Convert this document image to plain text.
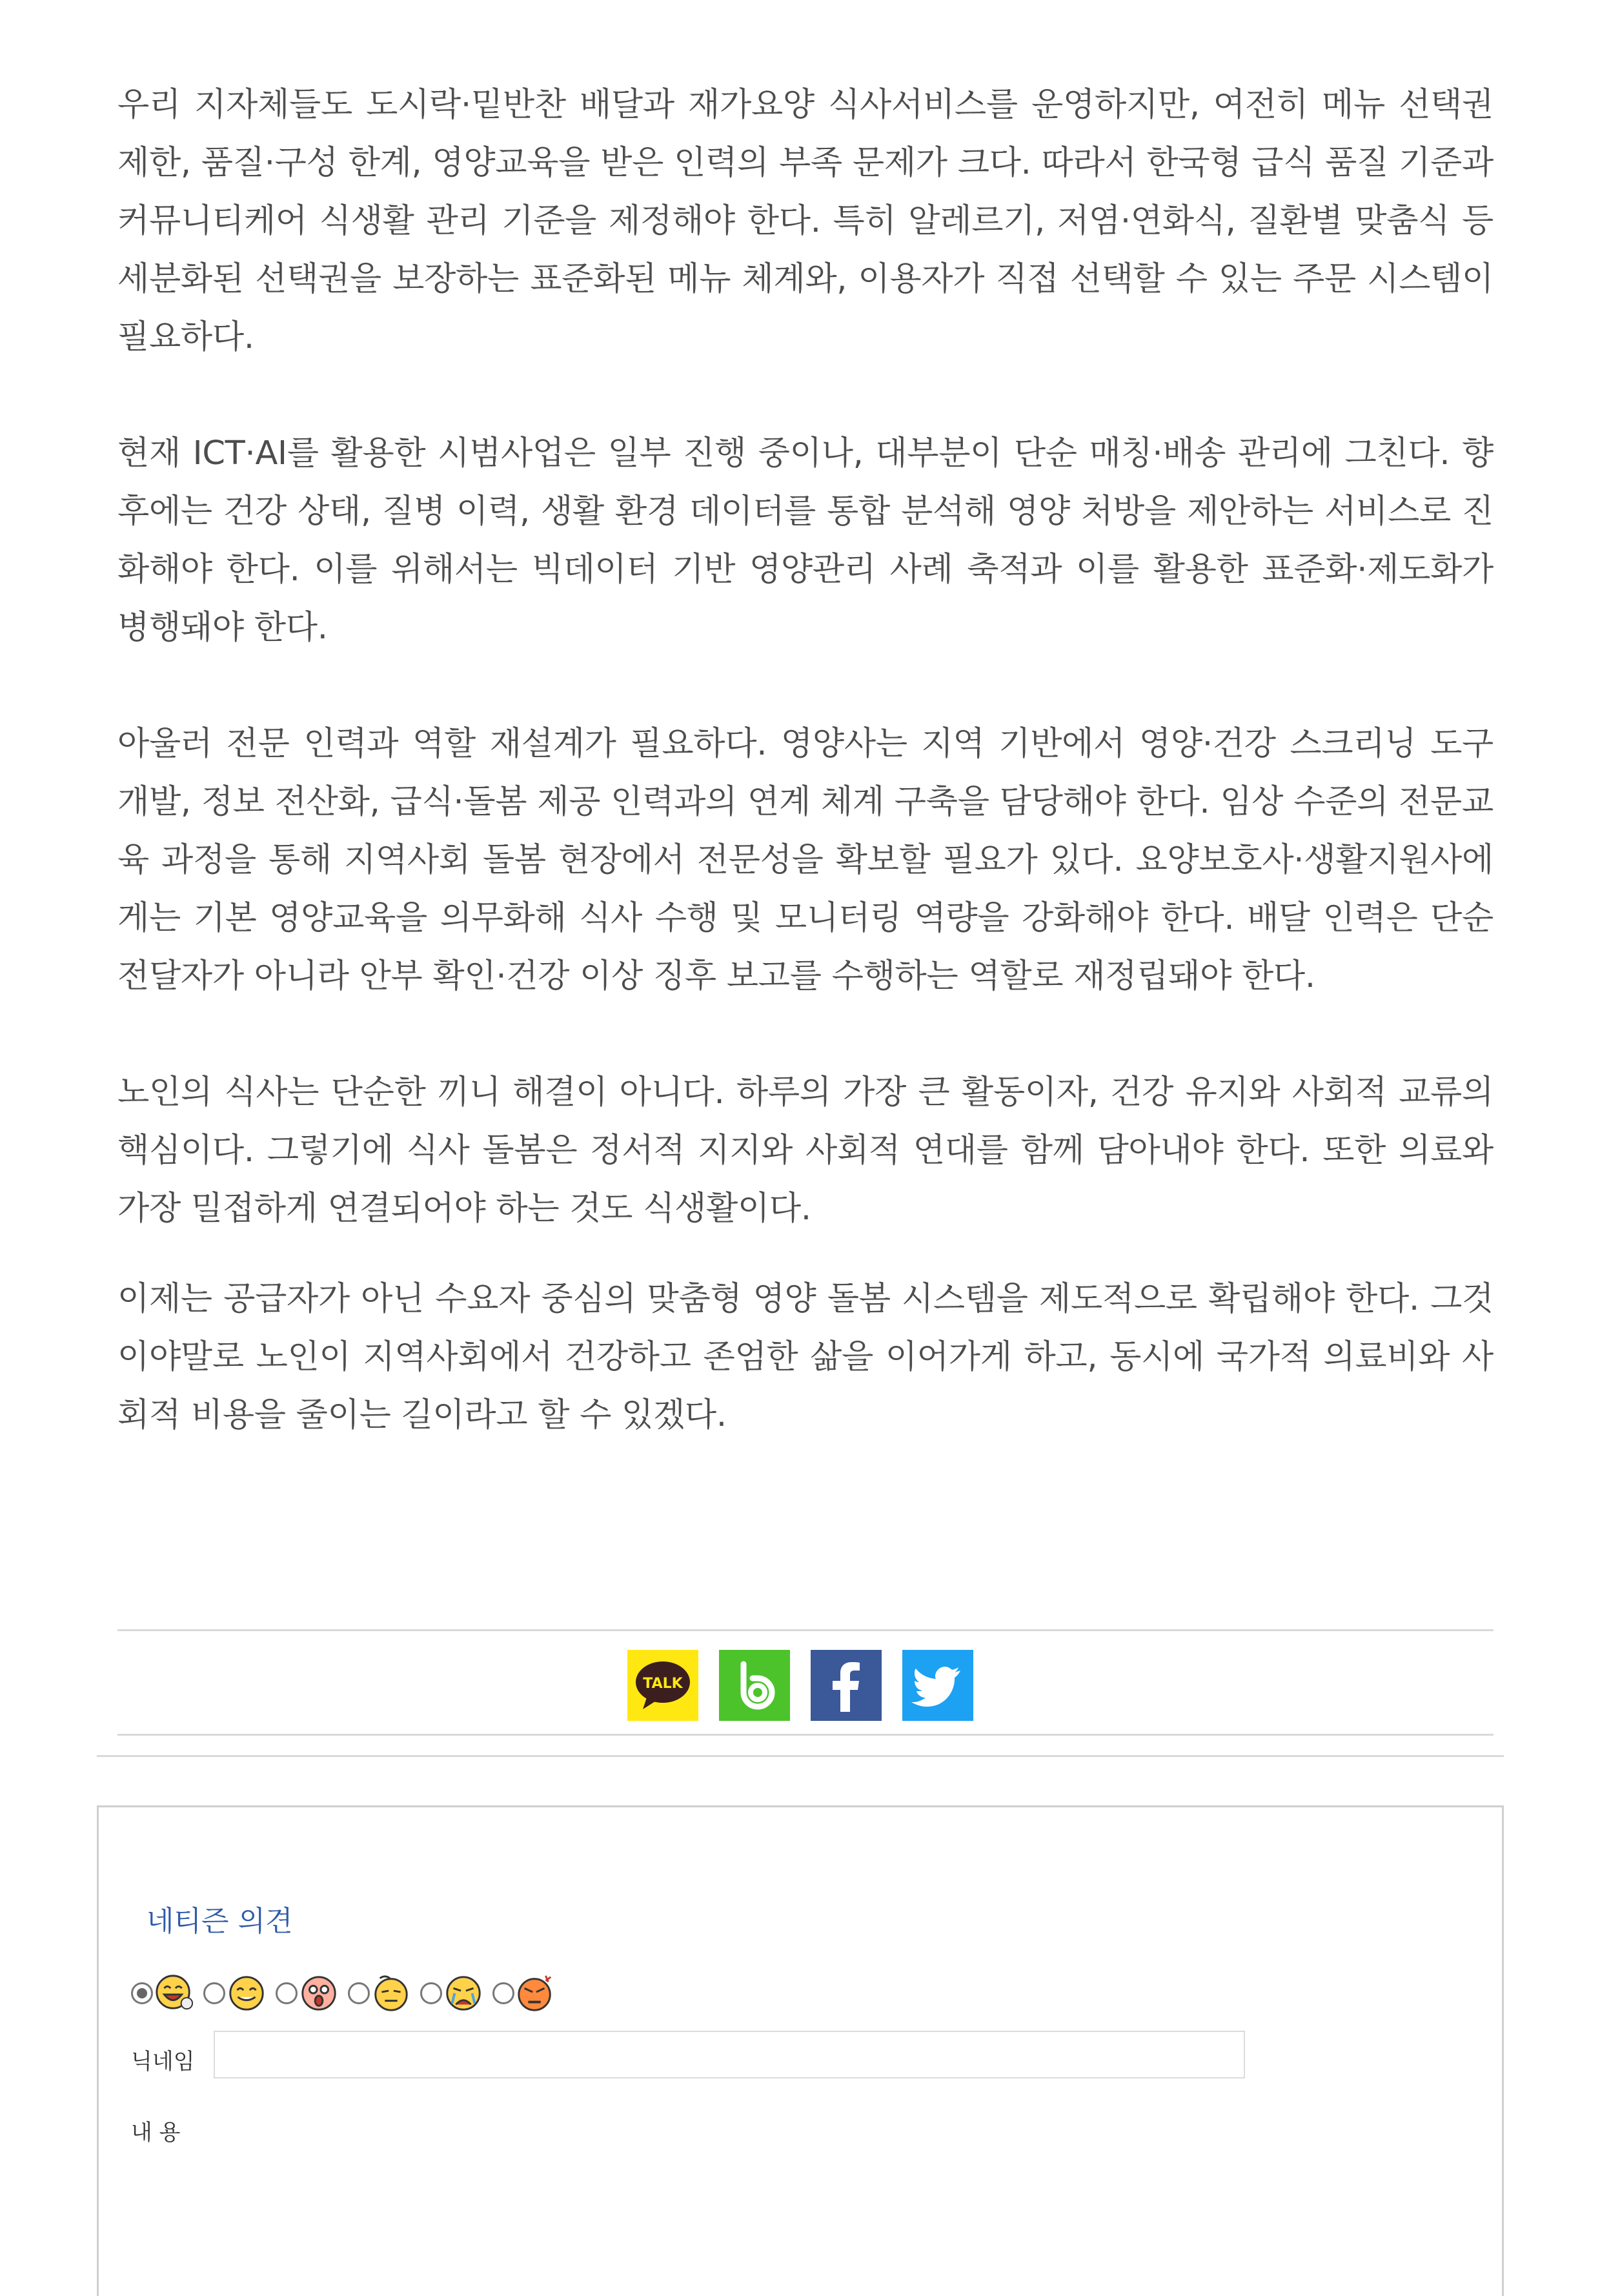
우리 지자체들도 도시락·밑반찬 배달과 재가요양 식사서비스를 운영하지만, 여전히 메뉴 선택권 제한, 품질·구성 한계, 영양교육을 받은 인력의 부족 문제가 크다. 따라서 한국형 급식 품질 기준과 커뮤니티케어 식생활 관리 기준을 제정해야 한다. 특히 알레르기, 저염·연화식, 질환별 맞춤식 등 세분화된 선택권을 보장하는 표준화된 메뉴 체계와, 이용자가 직접 선택할 수 있는 주문 시스템이 필요하다.

현재 ICT·AI를 활용한 시범사업은 일부 진행 중이나, 대부분이 단순 매칭·배송 관리에 그친다. 향후에는 건강 상태, 질병 이력, 생활 환경 데이터를 통합 분석해 영양 처방을 제안하는 서비스로 진화해야 한다. 이를 위해서는 빅데이터 기반 영양관리 사례 축적과 이를 활용한 표준화·제도화가 병행돼야 한다.

아울러 전문 인력과 역할 재설계가 필요하다. 영양사는 지역 기반에서 영양·건강 스크리닝 도구 개발, 정보 전산화, 급식·돌봄 제공 인력과의 연계 체계 구축을 담당해야 한다. 임상 수준의 전문교육 과정을 통해 지역사회 돌봄 현장에서 전문성을 확보할 필요가 있다. 요양보호사·생활지원사에게는 기본 영양교육을 의무화해 식사 수행 및 모니터링 역량을 강화해야 한다. 배달 인력은 단순 전달자가 아니라 안부 확인·건강 이상 징후 보고를 수행하는 역할로 재정립돼야 한다.

노인의 식사는 단순한 끼니 해결이 아니다. 하루의 가장 큰 활동이자, 건강 유지와 사회적 교류의 핵심이다. 그렇기에 식사 돌봄은 정서적 지지와 사회적 연대를 함께 담아내야 한다. 또한 의료와 가장 밀접하게 연결되어야 하는 것도 식생활이다.

이제는 공급자가 아닌 수요자 중심의 맞춤형 영양 돌봄 시스템을 제도적으로 확립해야 한다. 그것이야말로 노인이 지역사회에서 건강하고 존엄한 삶을 이어가게 하고, 동시에 국가적 의료비와 사회적 비용을 줄이는 길이라고 할 수 있겠다.

TALK

네티즌 의견
닉네임
내 용
